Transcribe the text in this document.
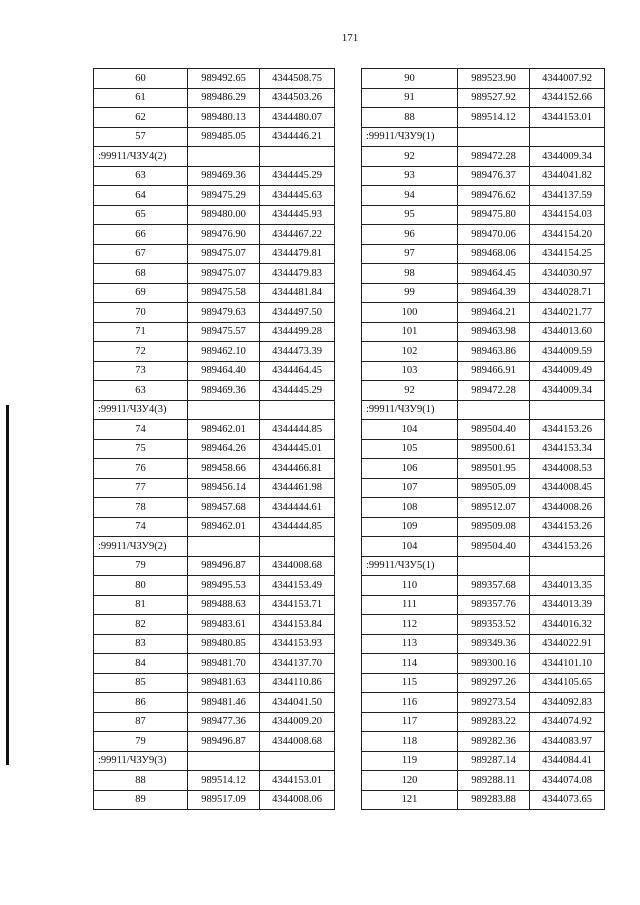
171
60	989492.65	4344508.75
61	989486.29	4344503.26
62	989480.13	4344480.07
57	989485.05	4344446.21
:99911/ЧЗУ4(2)		
63	989469.36	4344445.29
64	989475.29	4344445.63
65	989480.00	4344445.93
66	989476.90	4344467.22
67	989475.07	4344479.81
68	989475.07	4344479.83
69	989475.58	4344481.84
70	989479.63	4344497.50
71	989475.57	4344499.28
72	989462.10	4344473.39
73	989464.40	4344464.45
63	989469.36	4344445.29
:99911/ЧЗУ4(3)		
74	989462.01	4344444.85
75	989464.26	4344445.01
76	989458.66	4344466.81
77	989456.14	4344461.98
78	989457.68	4344444.61
74	989462.01	4344444.85
:99911/ЧЗУ9(2)		
79	989496.87	4344008.68
80	989495.53	4344153.49
81	989488.63	4344153.71
82	989483.61	4344153.84
83	989480.85	4344153.93
84	989481.70	4344137.70
85	989481.63	4344110.86
86	989481.46	4344041.50
87	989477.36	4344009.20
79	989496.87	4344008.68
:99911/ЧЗУ9(3)		
88	989514.12	4344153.01
89	989517.09	4344008.06
90	989523.90	4344007.92
91	989527.92	4344152.66
88	989514.12	4344153.01
:99911/ЧЗУ9(1)		
92	989472.28	4344009.34
93	989476.37	4344041.82
94	989476.62	4344137.59
95	989475.80	4344154.03
96	989470.06	4344154.20
97	989468.06	4344154.25
98	989464.45	4344030.97
99	989464.39	4344028.71
100	989464.21	4344021.77
101	989463.98	4344013.60
102	989463.86	4344009.59
103	989466.91	4344009.49
92	989472.28	4344009.34
:99911/ЧЗУ9(1)		
104	989504.40	4344153.26
105	989500.61	4344153.34
106	989501.95	4344008.53
107	989505.09	4344008.45
108	989512.07	4344008.26
109	989509.08	4344153.26
104	989504.40	4344153.26
:99911/ЧЗУ5(1)		
110	989357.68	4344013.35
111	989357.76	4344013.39
112	989353.52	4344016.32
113	989349.36	4344022.91
114	989300.16	4344101.10
115	989297.26	4344105.65
116	989273.54	4344092.83
117	989283.22	4344074.92
118	989282.36	4344083.97
119	989287.14	4344084.41
120	989288.11	4344074.08
121	989283.88	4344073.65
